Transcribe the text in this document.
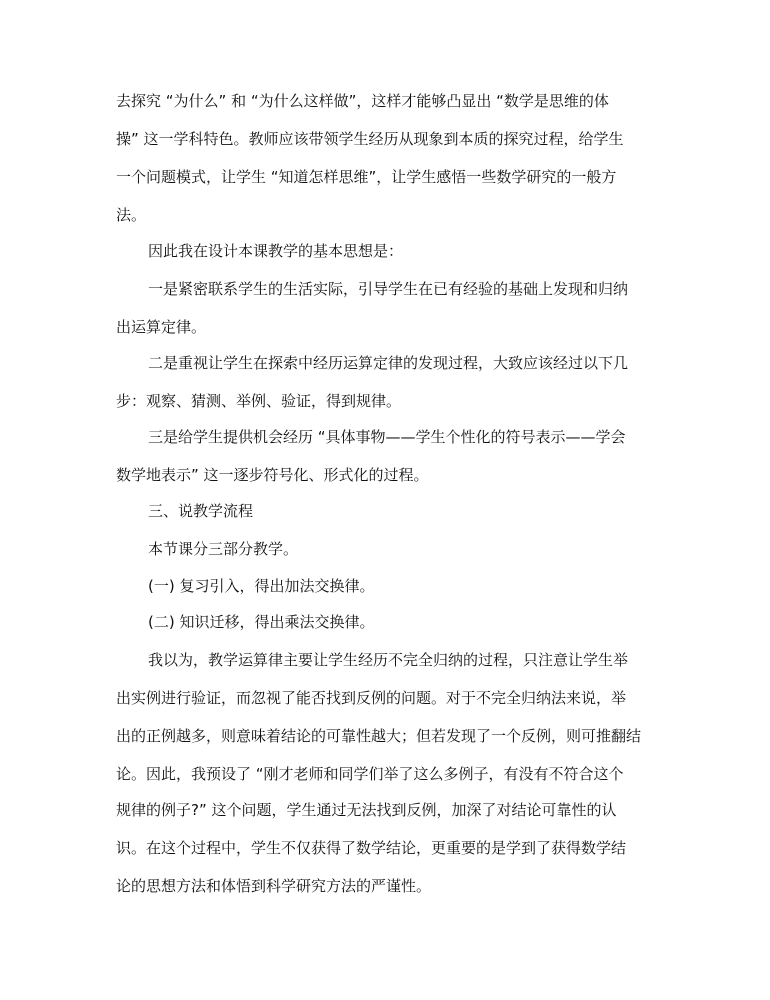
去探究 “为什么” 和 “为什么这样做”，这样才能够凸显出 “数学是思维的体
操” 这一学科特色。教师应该带领学生经历从现象到本质的探究过程，给学生
一个问题模式，让学生 “知道怎样思维”，让学生感悟一些数学研究的一般方
法。
因此我在设计本课教学的基本思想是：
一是紧密联系学生的生活实际，引导学生在已有经验的基础上发现和归纳
出运算定律。
二是重视让学生在探索中经历运算定律的发现过程，大致应该经过以下几
步：观察、猜测、举例、验证，得到规律。
三是给学生提供机会经历 “具体事物——学生个性化的符号表示——学会
数学地表示” 这一逐步符号化、形式化的过程。
三、说教学流程
本节课分三部分教学。
(一) 复习引入，得出加法交换律。
(二) 知识迁移，得出乘法交换律。
我以为，教学运算律主要让学生经历不完全归纳的过程，只注意让学生举
出实例进行验证，而忽视了能否找到反例的问题。对于不完全归纳法来说，举
出的正例越多，则意味着结论的可靠性越大；但若发现了一个反例，则可推翻结
论。因此，我预设了 “刚才老师和同学们举了这么多例子，有没有不符合这个
规律的例子?” 这个问题，学生通过无法找到反例，加深了对结论可靠性的认
识。在这个过程中，学生不仅获得了数学结论，更重要的是学到了获得数学结
论的思想方法和体悟到科学研究方法的严谨性。
